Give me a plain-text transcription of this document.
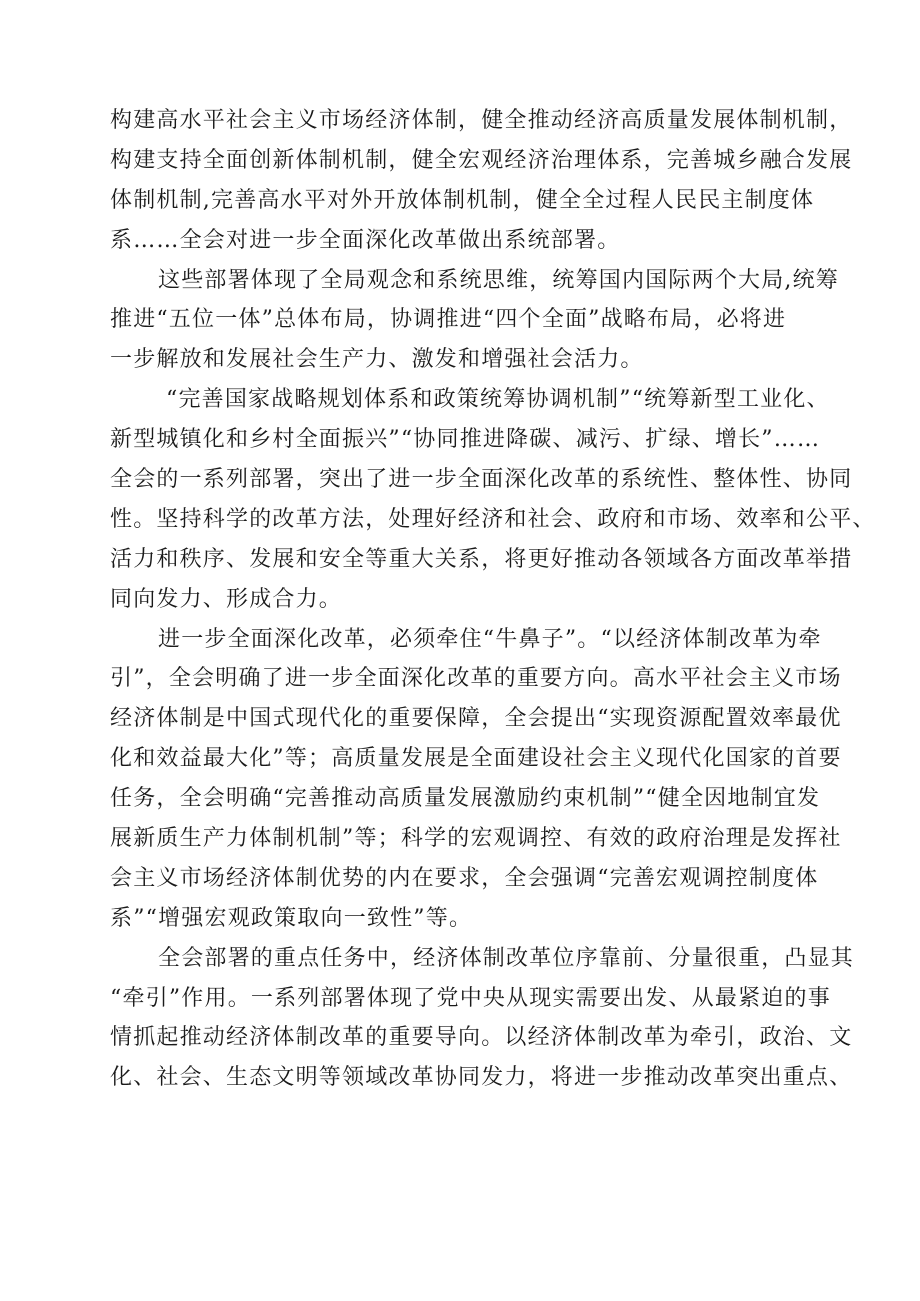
构建高水平社会主义市场经济体制，健全推动经济高质量发展体制机制，
构建支持全面创新体制机制，健全宏观经济治理体系，完善城乡融合发展
体制机制,完善高水平对外开放体制机制，健全全过程人民民主制度体
系……全会对进一步全面深化改革做出系统部署。
这些部署体现了全局观念和系统思维，统筹国内国际两个大局,统筹
推进“五位一体”总体布局，协调推进“四个全面”战略布局，必将进
一步解放和发展社会生产力、激发和增强社会活力。
“完善国家战略规划体系和政策统筹协调机制”“统筹新型工业化、
新型城镇化和乡村全面振兴”“协同推进降碳、减污、扩绿、增长”……
全会的一系列部署，突出了进一步全面深化改革的系统性、整体性、协同
性。坚持科学的改革方法，处理好经济和社会、政府和市场、效率和公平、
活力和秩序、发展和安全等重大关系，将更好推动各领域各方面改革举措
同向发力、形成合力。
进一步全面深化改革，必须牵住“牛鼻子”。“以经济体制改革为牵
引”，全会明确了进一步全面深化改革的重要方向。高水平社会主义市场
经济体制是中国式现代化的重要保障，全会提出“实现资源配置效率最优
化和效益最大化”等；高质量发展是全面建设社会主义现代化国家的首要
任务，全会明确“完善推动高质量发展激励约束机制”“健全因地制宜发
展新质生产力体制机制”等；科学的宏观调控、有效的政府治理是发挥社
会主义市场经济体制优势的内在要求，全会强调“完善宏观调控制度体
系”“增强宏观政策取向一致性”等。
全会部署的重点任务中，经济体制改革位序靠前、分量很重，凸显其
“牵引”作用。一系列部署体现了党中央从现实需要出发、从最紧迫的事
情抓起推动经济体制改革的重要导向。以经济体制改革为牵引，政治、文
化、社会、生态文明等领域改革协同发力，将进一步推动改革突出重点、
